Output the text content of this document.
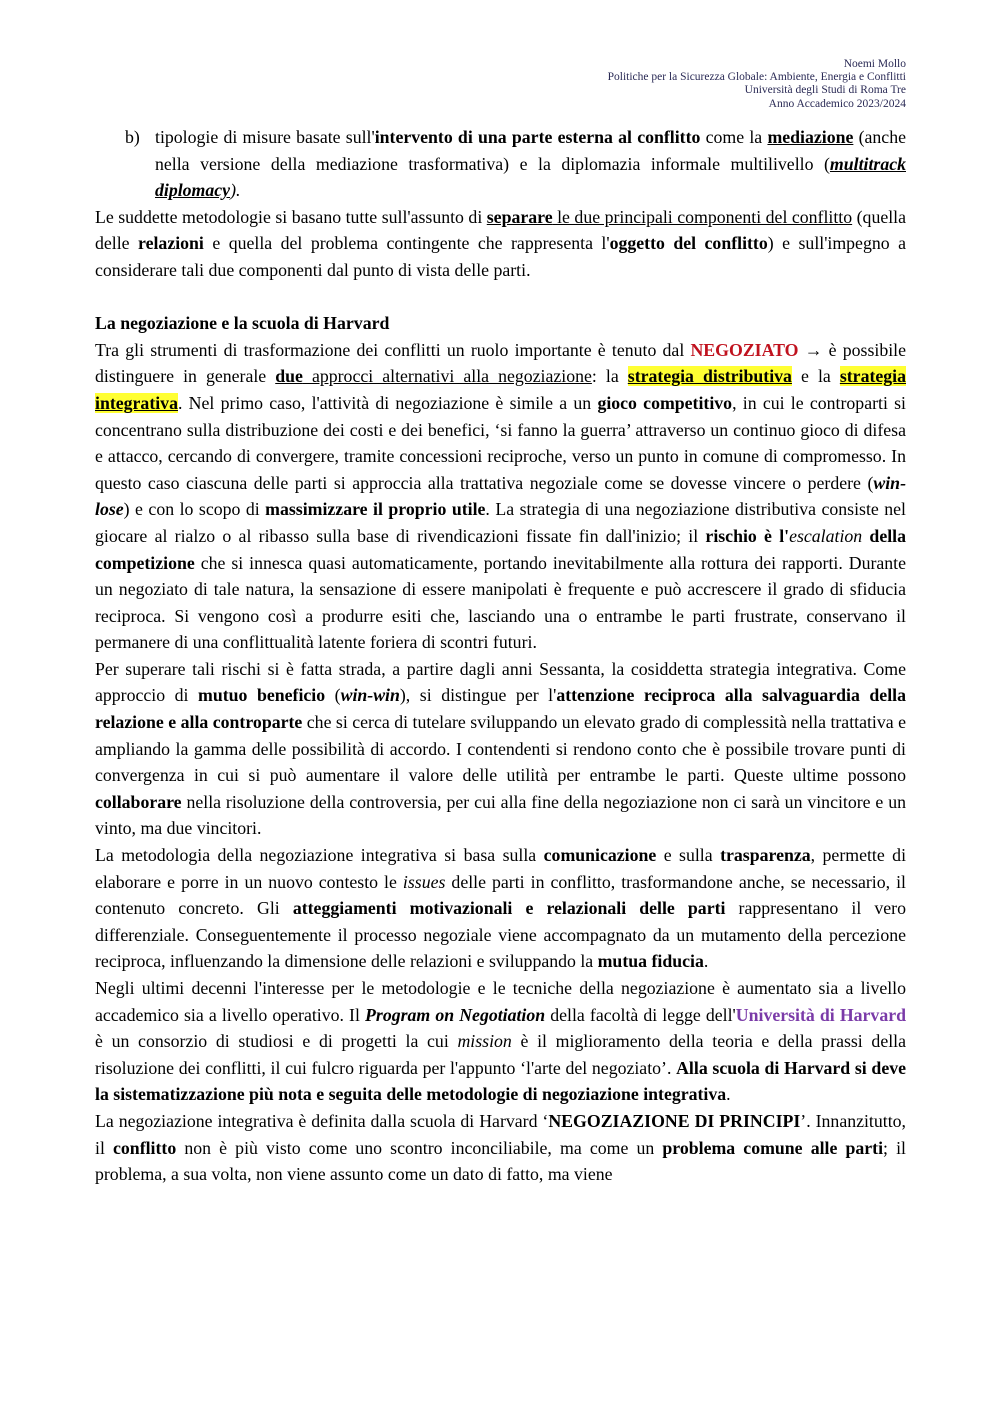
Noemi Mollo
Politiche per la Sicurezza Globale: Ambiente, Energia e Conflitti
Università degli Studi di Roma Tre
Anno Accademico 2023/2024
b) tipologie di misure basate sull'intervento di una parte esterna al conflitto come la mediazione (anche nella versione della mediazione trasformativa) e la diplomazia informale multilivello (multitrack diplomacy).

Le suddette metodologie si basano tutte sull'assunto di separare le due principali componenti del conflitto (quella delle relazioni e quella del problema contingente che rappresenta l'oggetto del conflitto) e sull'impegno a considerare tali due componenti dal punto di vista delle parti.

La negoziazione e la scuola di Harvard

Tra gli strumenti di trasformazione dei conflitti un ruolo importante è tenuto dal NEGOZIATO → è possibile distinguere in generale due approcci alternativi alla negoziazione: la strategia distributiva e la strategia integrativa. Nel primo caso, l'attività di negoziazione è simile a un gioco competitivo, in cui le controparti si concentrano sulla distribuzione dei costi e dei benefici, ‘si fanno la guerra’ attraverso un continuo gioco di difesa e attacco, cercando di convergere, tramite concessioni reciproche, verso un punto in comune di compromesso. In questo caso ciascuna delle parti si approccia alla trattativa negoziale come se dovesse vincere o perdere (win-lose) e con lo scopo di massimizzare il proprio utile. La strategia di una negoziazione distributiva consiste nel giocare al rialzo o al ribasso sulla base di rivendicazioni fissate fin dall'inizio; il rischio è l'escalation della competizione che si innesca quasi automaticamente, portando inevitabilmente alla rottura dei rapporti. Durante un negoziato di tale natura, la sensazione di essere manipolati è frequente e può accrescere il grado di sfiducia reciproca. Si vengono così a produrre esiti che, lasciando una o entrambe le parti frustrate, conservano il permanere di una conflittualità latente foriera di scontri futuri.

Per superare tali rischi si è fatta strada, a partire dagli anni Sessanta, la cosiddetta strategia integrativa. Come approccio di mutuo beneficio (win-win), si distingue per l'attenzione reciproca alla salvaguardia della relazione e alla controparte che si cerca di tutelare sviluppando un elevato grado di complessità nella trattativa e ampliando la gamma delle possibilità di accordo. I contendenti si rendono conto che è possibile trovare punti di convergenza in cui si può aumentare il valore delle utilità per entrambe le parti. Queste ultime possono collaborare nella risoluzione della controversia, per cui alla fine della negoziazione non ci sarà un vincitore e un vinto, ma due vincitori.

La metodologia della negoziazione integrativa si basa sulla comunicazione e sulla trasparenza, permette di elaborare e porre in un nuovo contesto le issues delle parti in conflitto, trasformandone anche, se necessario, il contenuto concreto. Gli atteggiamenti motivazionali e relazionali delle parti rappresentano il vero differenziale. Conseguentemente il processo negoziale viene accompagnato da un mutamento della percezione reciproca, influenzando la dimensione delle relazioni e sviluppando la mutua fiducia.

Negli ultimi decenni l'interesse per le metodologie e le tecniche della negoziazione è aumentato sia a livello accademico sia a livello operativo. Il Program on Negotiation della facoltà di legge dell'Università di Harvard è un consorzio di studiosi e di progetti la cui mission è il miglioramento della teoria e della prassi della risoluzione dei conflitti, il cui fulcro riguarda per l'appunto ‘l'arte del negoziato’. Alla scuola di Harvard si deve la sistematizzazione più nota e seguita delle metodologie di negoziazione integrativa.

La negoziazione integrativa è definita dalla scuola di Harvard ‘NEGOZIAZIONE DI PRINCIPI’. Innanzitutto, il conflitto non è più visto come uno scontro inconciliabile, ma come un problema comune alle parti; il problema, a sua volta, non viene assunto come un dato di fatto, ma viene
